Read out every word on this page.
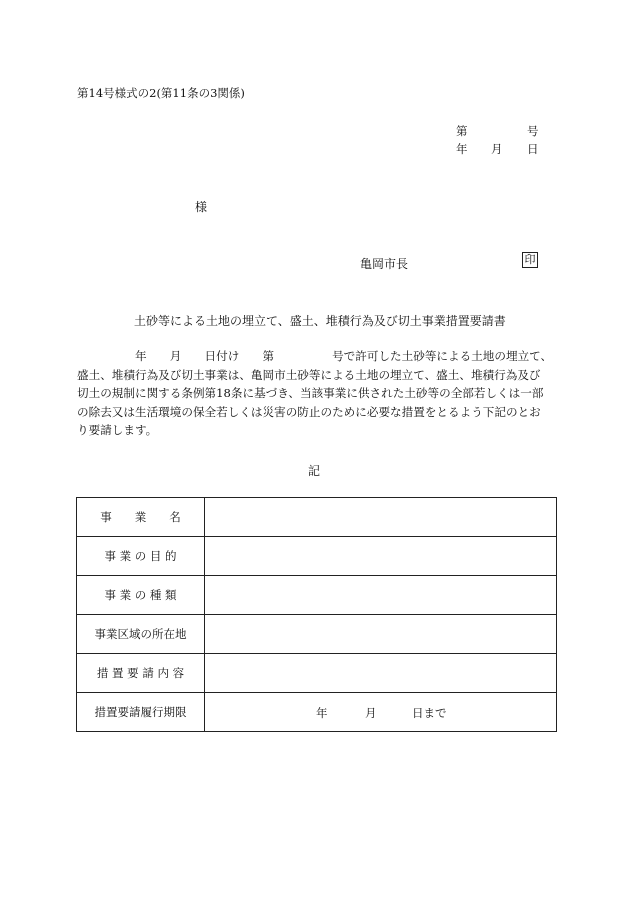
第14号様式の2(第11条の3関係)
第	号
年 月 日
様
亀岡市長	印
土砂等による土地の埋立て、盛土、堆積行為及び切土事業措置要請書
　　　　　年　　月　　日付け　　第　　　　　号で許可した土砂等による土地の埋立て、
盛土、堆積行為及び切土事業は、亀岡市土砂等による土地の埋立て、盛土、堆積行為及び
切土の規制に関する条例第18条に基づき、当該事業に供された土砂等の全部若しくは一部
の除去又は生活環境の保全若しくは災害の防止のために必要な措置をとるよう下記のとお
り要請します。
記
事　　業　　名	
事 業 の 目 的	
事 業 の 種 類	
事業区域の所在地	
措 置 要 請 内 容	
措置要請履行期限	年 月 日まで
